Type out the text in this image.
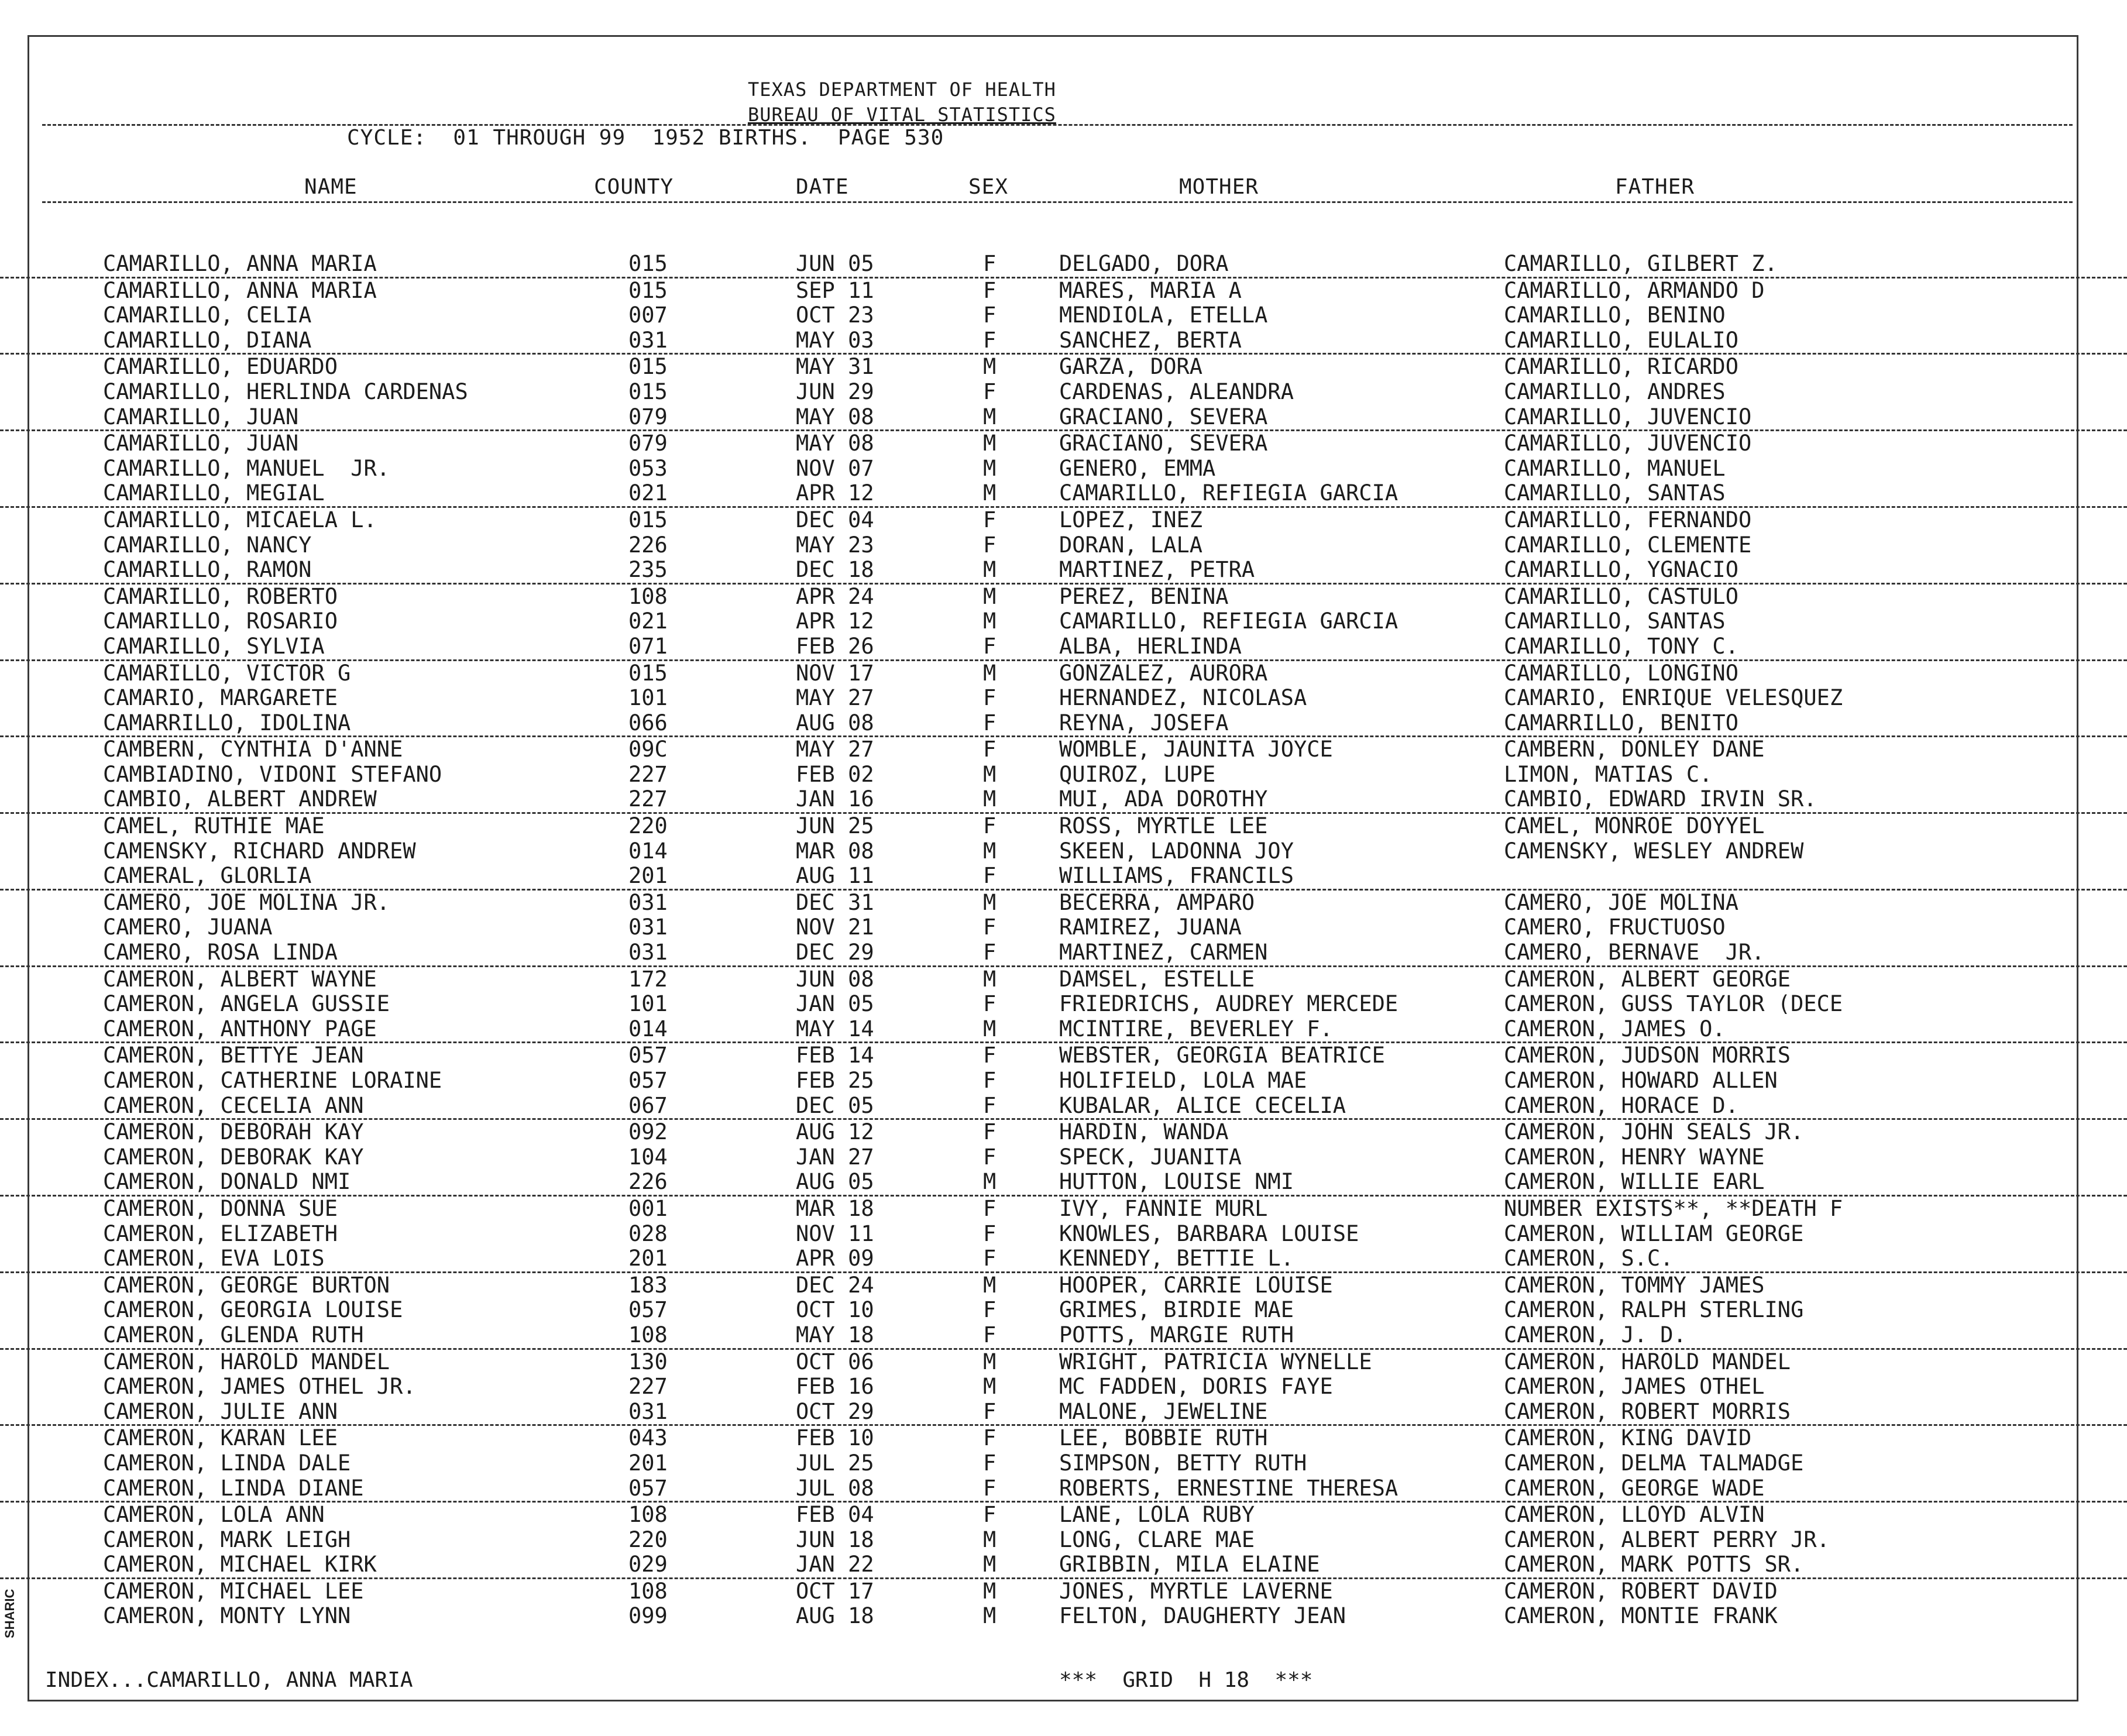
TEXAS DEPARTMENT OF HEALTH
BUREAU OF VITAL STATISTICS
CYCLE:  01 THROUGH 99  1952 BIRTHS.  PAGE 530
NAME	COUNTY	DATE	SEX	MOTHER	FATHER
CAMARILLO, ANNA MARIA	015	JUN 05	F	DELGADO, DORA	CAMARILLO, GILBERT Z.
CAMARILLO, ANNA MARIA	015	SEP 11	F	MARES, MARIA A	CAMARILLO, ARMANDO D
CAMARILLO, CELIA	007	OCT 23	F	MENDIOLA, ETELLA	CAMARILLO, BENINO
CAMARILLO, DIANA	031	MAY 03	F	SANCHEZ, BERTA	CAMARILLO, EULALIO
CAMARILLO, EDUARDO	015	MAY 31	M	GARZA, DORA	CAMARILLO, RICARDO
CAMARILLO, HERLINDA CARDENAS	015	JUN 29	F	CARDENAS, ALEANDRA	CAMARILLO, ANDRES
CAMARILLO, JUAN	079	MAY 08	M	GRACIANO, SEVERA	CAMARILLO, JUVENCIO
CAMARILLO, JUAN	079	MAY 08	M	GRACIANO, SEVERA	CAMARILLO, JUVENCIO
CAMARILLO, MANUEL  JR.	053	NOV 07	M	GENERO, EMMA	CAMARILLO, MANUEL
CAMARILLO, MEGIAL	021	APR 12	M	CAMARILLO, REFIEGIA GARCIA	CAMARILLO, SANTAS
CAMARILLO, MICAELA L.	015	DEC 04	F	LOPEZ, INEZ	CAMARILLO, FERNANDO
CAMARILLO, NANCY	226	MAY 23	F	DORAN, LALA	CAMARILLO, CLEMENTE
CAMARILLO, RAMON	235	DEC 18	M	MARTINEZ, PETRA	CAMARILLO, YGNACIO
CAMARILLO, ROBERTO	108	APR 24	M	PEREZ, BENINA	CAMARILLO, CASTULO
CAMARILLO, ROSARIO	021	APR 12	M	CAMARILLO, REFIEGIA GARCIA	CAMARILLO, SANTAS
CAMARILLO, SYLVIA	071	FEB 26	F	ALBA, HERLINDA	CAMARILLO, TONY C.
CAMARILLO, VICTOR G	015	NOV 17	M	GONZALEZ, AURORA	CAMARILLO, LONGINO
CAMARIO, MARGARETE	101	MAY 27	F	HERNANDEZ, NICOLASA	CAMARIO, ENRIQUE VELESQUEZ
CAMARRILLO, IDOLINA	066	AUG 08	F	REYNA, JOSEFA	CAMARRILLO, BENITO
CAMBERN, CYNTHIA D'ANNE	09C	MAY 27	F	WOMBLE, JAUNITA JOYCE	CAMBERN, DONLEY DANE
CAMBIADINO, VIDONI STEFANO	227	FEB 02	M	QUIROZ, LUPE	LIMON, MATIAS C.
CAMBIO, ALBERT ANDREW	227	JAN 16	M	MUI, ADA DOROTHY	CAMBIO, EDWARD IRVIN SR.
CAMEL, RUTHIE MAE	220	JUN 25	F	ROSS, MYRTLE LEE	CAMEL, MONROE DOYYEL
CAMENSKY, RICHARD ANDREW	014	MAR 08	M	SKEEN, LADONNA JOY	CAMENSKY, WESLEY ANDREW
CAMERAL, GLORLIA	201	AUG 11	F	WILLIAMS, FRANCILS
CAMERO, JOE MOLINA JR.	031	DEC 31	M	BECERRA, AMPARO	CAMERO, JOE MOLINA
CAMERO, JUANA	031	NOV 21	F	RAMIREZ, JUANA	CAMERO, FRUCTUOSO
CAMERO, ROSA LINDA	031	DEC 29	F	MARTINEZ, CARMEN	CAMERO, BERNAVE  JR.
CAMERON, ALBERT WAYNE	172	JUN 08	M	DAMSEL, ESTELLE	CAMERON, ALBERT GEORGE
CAMERON, ANGELA GUSSIE	101	JAN 05	F	FRIEDRICHS, AUDREY MERCEDE	CAMERON, GUSS TAYLOR (DECE
CAMERON, ANTHONY PAGE	014	MAY 14	M	MCINTIRE, BEVERLEY F.	CAMERON, JAMES O.
CAMERON, BETTYE JEAN	057	FEB 14	F	WEBSTER, GEORGIA BEATRICE	CAMERON, JUDSON MORRIS
CAMERON, CATHERINE LORAINE	057	FEB 25	F	HOLIFIELD, LOLA MAE	CAMERON, HOWARD ALLEN
CAMERON, CECELIA ANN	067	DEC 05	F	KUBALAR, ALICE CECELIA	CAMERON, HORACE D.
CAMERON, DEBORAH KAY	092	AUG 12	F	HARDIN, WANDA	CAMERON, JOHN SEALS JR.
CAMERON, DEBORAK KAY	104	JAN 27	F	SPECK, JUANITA	CAMERON, HENRY WAYNE
CAMERON, DONALD NMI	226	AUG 05	M	HUTTON, LOUISE NMI	CAMERON, WILLIE EARL
CAMERON, DONNA SUE	001	MAR 18	F	IVY, FANNIE MURL	NUMBER EXISTS**, **DEATH F
CAMERON, ELIZABETH	028	NOV 11	F	KNOWLES, BARBARA LOUISE	CAMERON, WILLIAM GEORGE
CAMERON, EVA LOIS	201	APR 09	F	KENNEDY, BETTIE L.	CAMERON, S.C.
CAMERON, GEORGE BURTON	183	DEC 24	M	HOOPER, CARRIE LOUISE	CAMERON, TOMMY JAMES
CAMERON, GEORGIA LOUISE	057	OCT 10	F	GRIMES, BIRDIE MAE	CAMERON, RALPH STERLING
CAMERON, GLENDA RUTH	108	MAY 18	F	POTTS, MARGIE RUTH	CAMERON, J. D.
CAMERON, HAROLD MANDEL	130	OCT 06	M	WRIGHT, PATRICIA WYNELLE	CAMERON, HAROLD MANDEL
CAMERON, JAMES OTHEL JR.	227	FEB 16	M	MC FADDEN, DORIS FAYE	CAMERON, JAMES OTHEL
CAMERON, JULIE ANN	031	OCT 29	F	MALONE, JEWELINE	CAMERON, ROBERT MORRIS
CAMERON, KARAN LEE	043	FEB 10	F	LEE, BOBBIE RUTH	CAMERON, KING DAVID
CAMERON, LINDA DALE	201	JUL 25	F	SIMPSON, BETTY RUTH	CAMERON, DELMA TALMADGE
CAMERON, LINDA DIANE	057	JUL 08	F	ROBERTS, ERNESTINE THERESA	CAMERON, GEORGE WADE
CAMERON, LOLA ANN	108	FEB 04	F	LANE, LOLA RUBY	CAMERON, LLOYD ALVIN
CAMERON, MARK LEIGH	220	JUN 18	M	LONG, CLARE MAE	CAMERON, ALBERT PERRY JR.
CAMERON, MICHAEL KIRK	029	JAN 22	M	GRIBBIN, MILA ELAINE	CAMERON, MARK POTTS SR.
CAMERON, MICHAEL LEE	108	OCT 17	M	JONES, MYRTLE LAVERNE	CAMERON, ROBERT DAVID
CAMERON, MONTY LYNN	099	AUG 18	M	FELTON, DAUGHERTY JEAN	CAMERON, MONTIE FRANK
INDEX...CAMARILLO, ANNA MARIA	***  GRID  H 18  ***
SHARIC
